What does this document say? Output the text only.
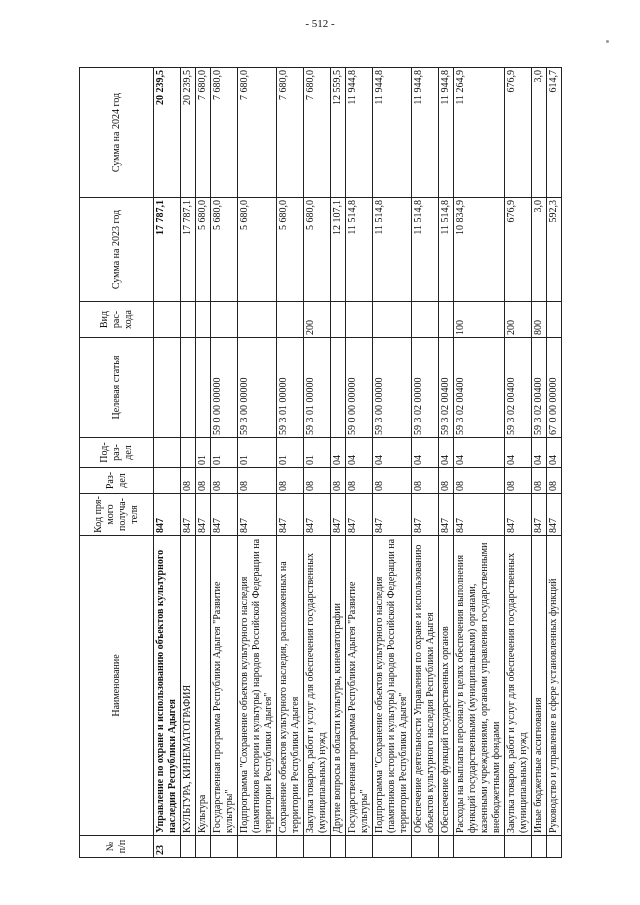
- 512 -
№ п/п	Наименование	Код пря- мого получа- теля	Раз- дел	Под- раз- дел	Целевая статья	Вид рас- хода	Сумма на 2023 год	Сумма на 2024 год
23	Управление по охране и использованию объектов культурного наследия Республики Адыгея	847					17 787,1	20 239,5
	КУЛЬТУРА, КИНЕМАТОГРАФИЯ	847	08				17 787,1	20 239,5
	Культура	847	08	01			5 680,0	7 680,0
	Государственная программа Республики Адыгея "Развитие культуры"	847	08	01	59 0 00 00000		5 680,0	7 680,0
	Подпрограмма "Сохранение объектов культурного наследия (памятников истории и культуры) народов Российской Федерации на территории Республики Адыгея"	847	08	01	59 3 00 00000		5 680,0	7 680,0
	Сохранение объектов культурного наследия, расположенных на территории Республики Адыгея	847	08	01	59 3 01 00000		5 680,0	7 680,0
	Закупка товаров, работ и услуг для обеспечения государственных (муниципальных) нужд	847	08	01	59 3 01 00000	200	5 680,0	7 680,0
	Другие вопросы в области культуры, кинематографии	847	08	04			12 107,1	12 559,5
	Государственная программа Республики Адыгея "Развитие культуры"	847	08	04	59 0 00 00000		11 514,8	11 944,8
	Подпрограмма "Сохранение объектов культурного наследия (памятников истории и культуры) народов Российской Федерации на территории Республики Адыгея"	847	08	04	59 3 00 00000		11 514,8	11 944,8
	Обеспечение деятельности Управления по охране и использованию объектов культурного наследия Республики Адыгея	847	08	04	59 3 02 00000		11 514,8	11 944,8
	Обеспечение функций государственных органов	847	08	04	59 3 02 00400		11 514,8	11 944,8
	Расходы на выплаты персоналу в целях обеспечения выполнения функций государственными (муниципальными) органами, казенными учреждениями, органами управления государственными внебюджетными фондами	847	08	04	59 3 02 00400	100	10 834,9	11 264,9
	Закупка товаров, работ и услуг для обеспечения государственных (муниципальных) нужд	847	08	04	59 3 02 00400	200	676,9	676,9
	Иные бюджетные ассигнования	847	08	04	59 3 02 00400	800	3,0	3,0
	Руководство и управление в сфере установленных функций	847	08	04	67 0 00 00000		592,3	614,7
